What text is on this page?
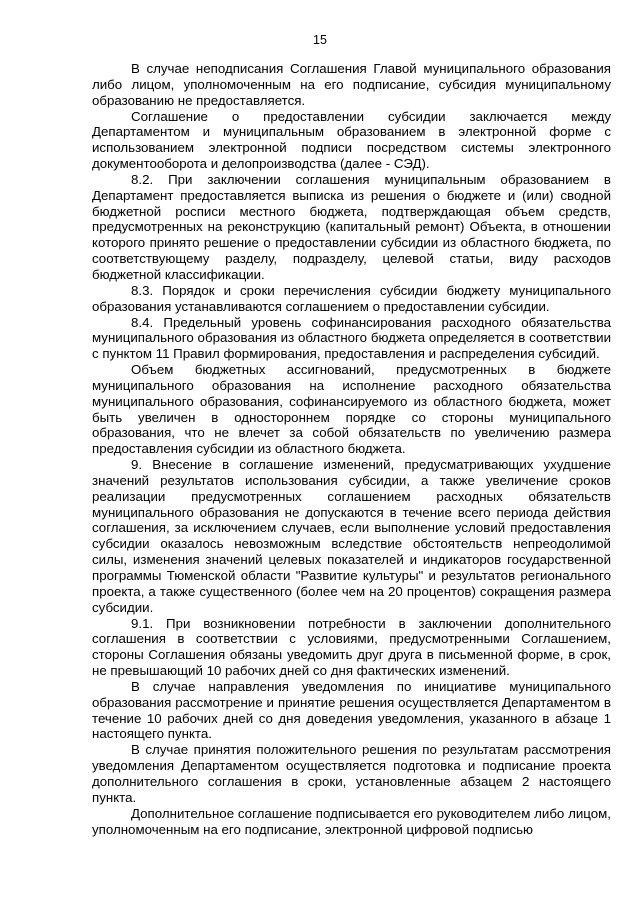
15

В случае неподписания Соглашения Главой муниципального образования либо лицом, уполномоченным на его подписание, субсидия муниципальному образованию не предоставляется.

Соглашение о предоставлении субсидии заключается между Департаментом и муниципальным образованием в электронной форме с использованием электронной подписи посредством системы электронного документооборота и делопроизводства (далее - СЭД).

8.2. При заключении соглашения муниципальным образованием в Департамент предоставляется выписка из решения о бюджете и (или) сводной бюджетной росписи местного бюджета, подтверждающая объем средств, предусмотренных на реконструкцию (капитальный ремонт) Объекта, в отношении которого принято решение о предоставлении субсидии из областного бюджета, по соответствующему разделу, подразделу, целевой статьи, виду расходов бюджетной классификации.

8.3. Порядок и сроки перечисления субсидии бюджету муниципального образования устанавливаются соглашением о предоставлении субсидии.

8.4. Предельный уровень софинансирования расходного обязательства муниципального образования из областного бюджета определяется в соответствии с пунктом 11 Правил формирования, предоставления и распределения субсидий.

Объем бюджетных ассигнований, предусмотренных в бюджете муниципального образования на исполнение расходного обязательства муниципального образования, софинансируемого из областного бюджета, может быть увеличен в одностороннем порядке со стороны муниципального образования, что не влечет за собой обязательств по увеличению размера предоставления субсидии из областного бюджета.

9. Внесение в соглашение изменений, предусматривающих ухудшение значений результатов использования субсидии, а также увеличение сроков реализации предусмотренных соглашением расходных обязательств муниципального образования не допускаются в течение всего периода действия соглашения, за исключением случаев, если выполнение условий предоставления субсидии оказалось невозможным вследствие обстоятельств непреодолимой силы, изменения значений целевых показателей и индикаторов государственной программы Тюменской области "Развитие культуры" и результатов регионального проекта, а также существенного (более чем на 20 процентов) сокращения размера субсидии.

9.1. При возникновении потребности в заключении дополнительного соглашения в соответствии с условиями, предусмотренными Соглашением, стороны Соглашения обязаны уведомить друг друга в письменной форме, в срок, не превышающий 10 рабочих дней со дня фактических изменений.

В случае направления уведомления по инициативе муниципального образования рассмотрение и принятие решения осуществляется Департаментом в течение 10 рабочих дней со дня доведения уведомления, указанного в абзаце 1 настоящего пункта.

В случае принятия положительного решения по результатам рассмотрения уведомления Департаментом осуществляется подготовка и подписание проекта дополнительного соглашения в сроки, установленные абзацем 2 настоящего пункта.

Дополнительное соглашение подписывается его руководителем либо лицом, уполномоченным на его подписание, электронной цифровой подписью
